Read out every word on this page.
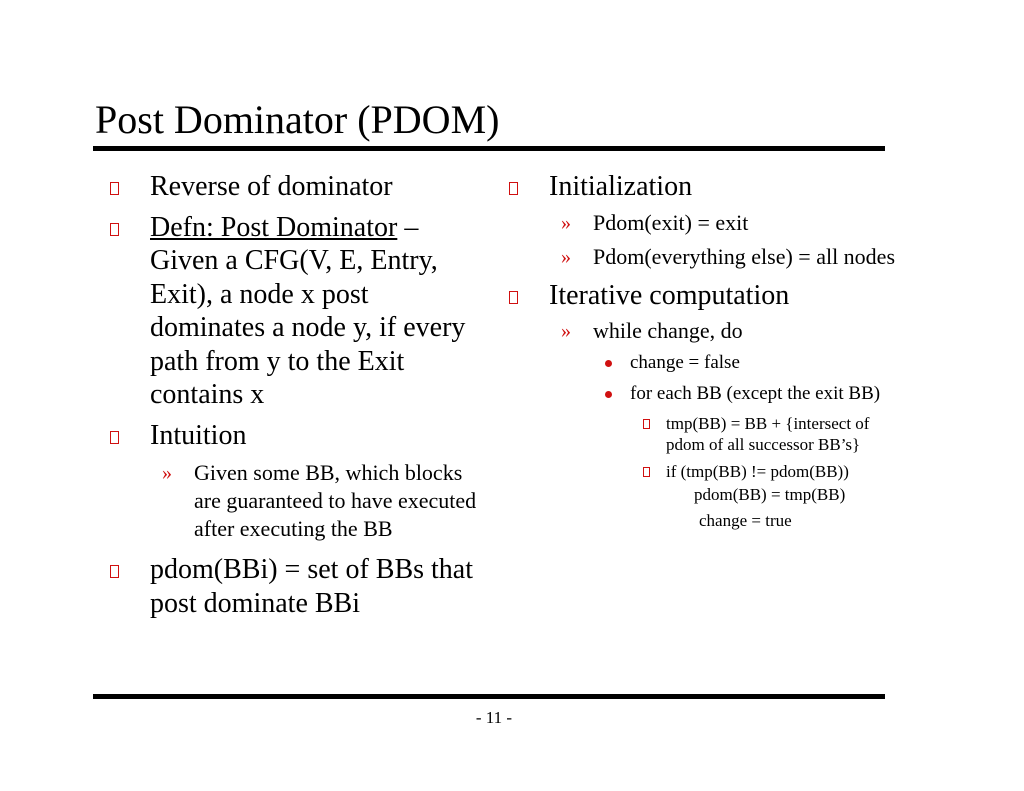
Post Dominator (PDOM)
Reverse of dominator
Defn: Post Dominator – Given a CFG(V, E, Entry, Exit), a node x post dominates a node y, if every path from y to the Exit contains x
Intuition
» Given some BB, which blocks are guaranteed to have executed after executing the BB
pdom(BBi) = set of BBs that post dominate BBi
Initialization
» Pdom(exit) = exit
» Pdom(everything else) = all nodes
Iterative computation
» while change, do
change = false
for each BB (except the exit BB)
tmp(BB) = BB + {intersect of pdom of all successor BB’s}
if (tmp(BB) != pdom(BB))
pdom(BB) = tmp(BB)
change = true
- 11 -
